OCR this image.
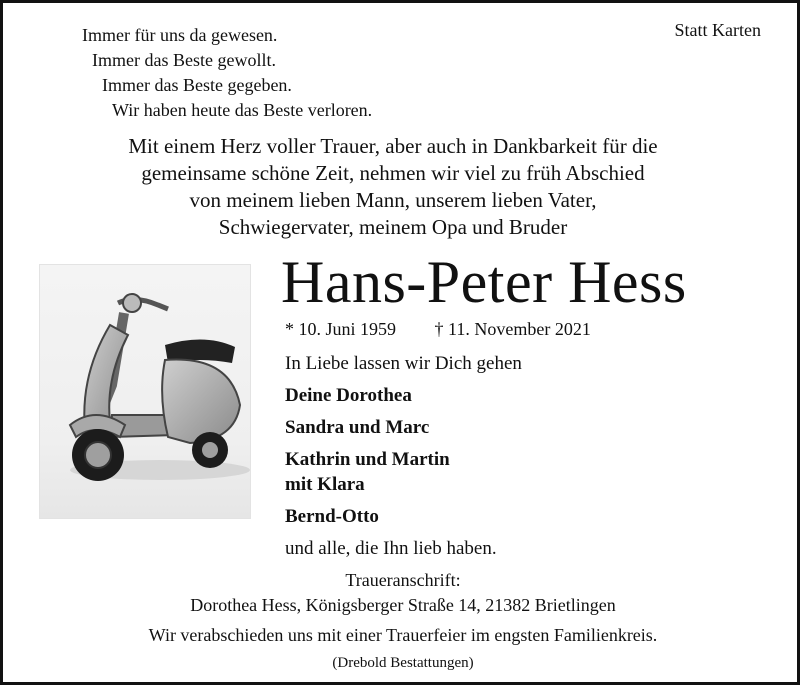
Immer für uns da gewesen.
Immer das Beste gewollt.
Immer das Beste gegeben.
Wir haben heute das Beste verloren.
Statt Karten
Mit einem Herz voller Trauer, aber auch in Dankbarkeit für die
gemeinsame schöne Zeit, nehmen wir viel zu früh Abschied
von meinem lieben Mann, unserem lieben Vater,
Schwiegervater, meinem Opa und Bruder
Hans-Peter Hess
* 10. Juni 1959 † 11. November 2021
In Liebe lassen wir Dich gehen
Deine Dorothea
Sandra und Marc
Kathrin und Martin
mit Klara
Bernd-Otto
und alle, die Ihn lieb haben.
Traueranschrift:
Dorothea Hess, Königsberger Straße 14, 21382 Brietlingen
Wir verabschieden uns mit einer Trauerfeier im engsten Familienkreis.
(Drebold Bestattungen)
